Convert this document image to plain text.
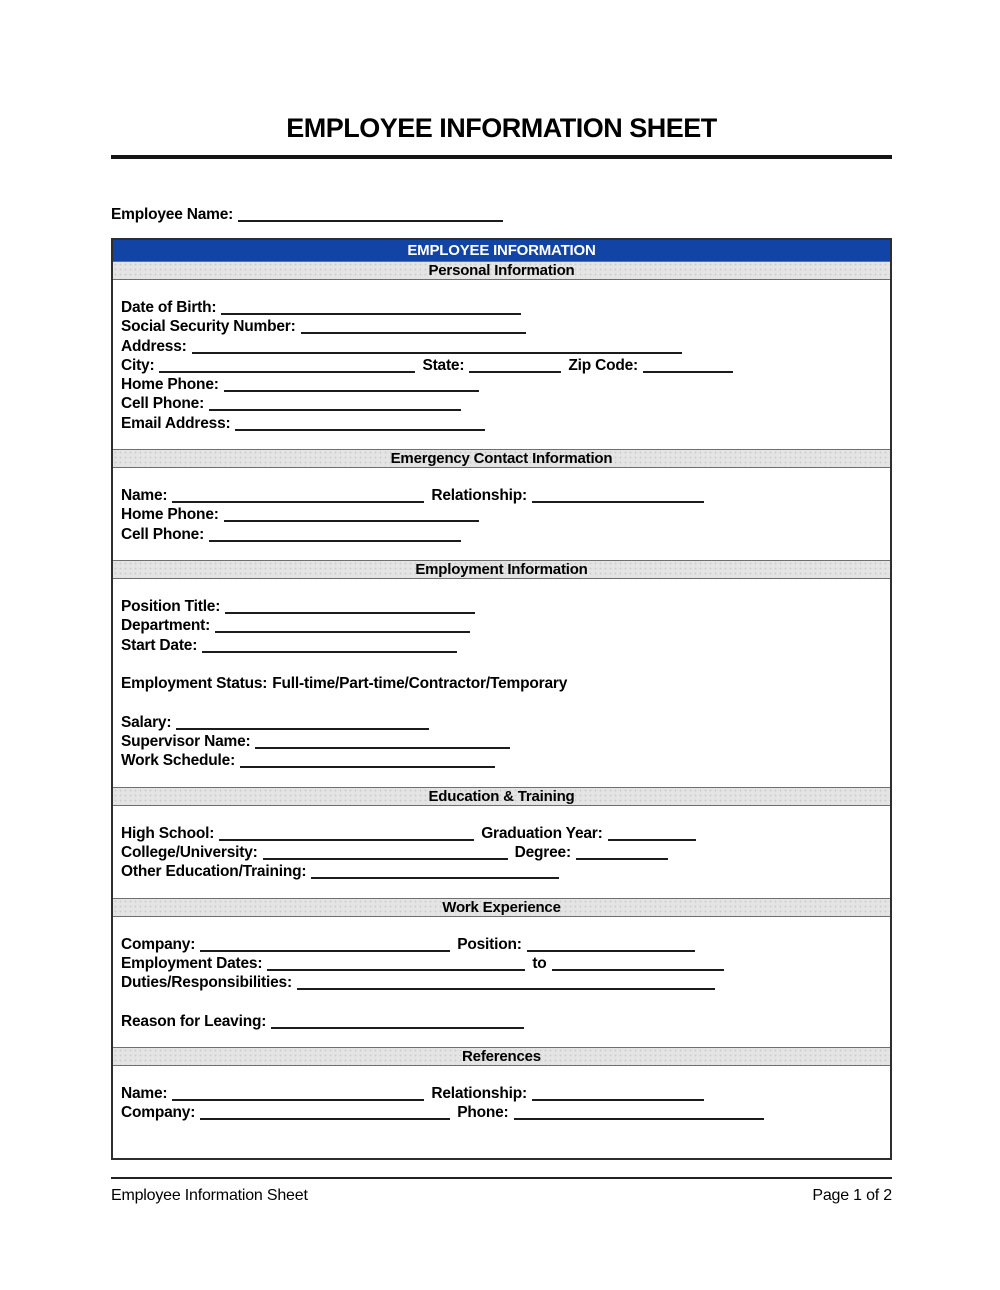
EMPLOYEE INFORMATION SHEET
Employee Name:
EMPLOYEE INFORMATION
Personal Information
Date of Birth:
Social Security Number:
Address:
City:	State:	Zip Code:
Home Phone:
Cell Phone:
Email Address:
Emergency Contact Information
Name:	Relationship:
Home Phone:
Cell Phone:
Employment Information
Position Title:
Department:
Start Date:
Employment Status: Full-time/Part-time/Contractor/Temporary
Salary:
Supervisor Name:
Work Schedule:
Education & Training
High School:	Graduation Year:
College/University:	Degree:
Other Education/Training:
Work Experience
Company:	Position:
Employment Dates:	to
Duties/Responsibilities:
Reason for Leaving:
References
Name:	Relationship:
Company:	Phone:
Employee Information Sheet	Page 1 of 2
